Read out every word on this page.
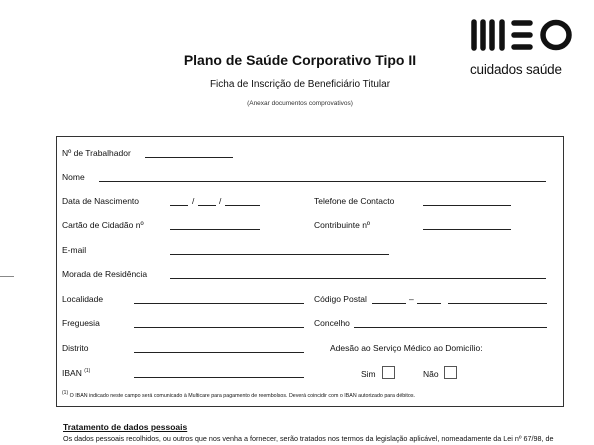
Plano de Saúde Corporativo Tipo II
Ficha de Inscrição de Beneficiário Titular
(Anexar documentos comprovativos)
cuidados saúde
Nº de Trabalhador
Nome
Data de Nascimento	/	/	Telefone de Contacto
Cartão de Cidadão nº	Contribuinte nº
E-mail
Morada de Residência
Localidade	Código Postal	–
Freguesia	Concelho
Distrito	Adesão ao Serviço Médico ao Domicílio:
IBAN $^{(1)}$	Sim	Não
$^{(1)}$ O IBAN indicado neste campo será comunicado à Multicare para pagamento de reembolsos. Deverá coincidir com o IBAN autorizado para débitos.
Tratamento de dados pessoais
Os dados pessoais recolhidos, ou outros que nos venha a fornecer, serão tratados nos termos da legislação aplicável, nomeadamente da Lei nº 67/98, de
